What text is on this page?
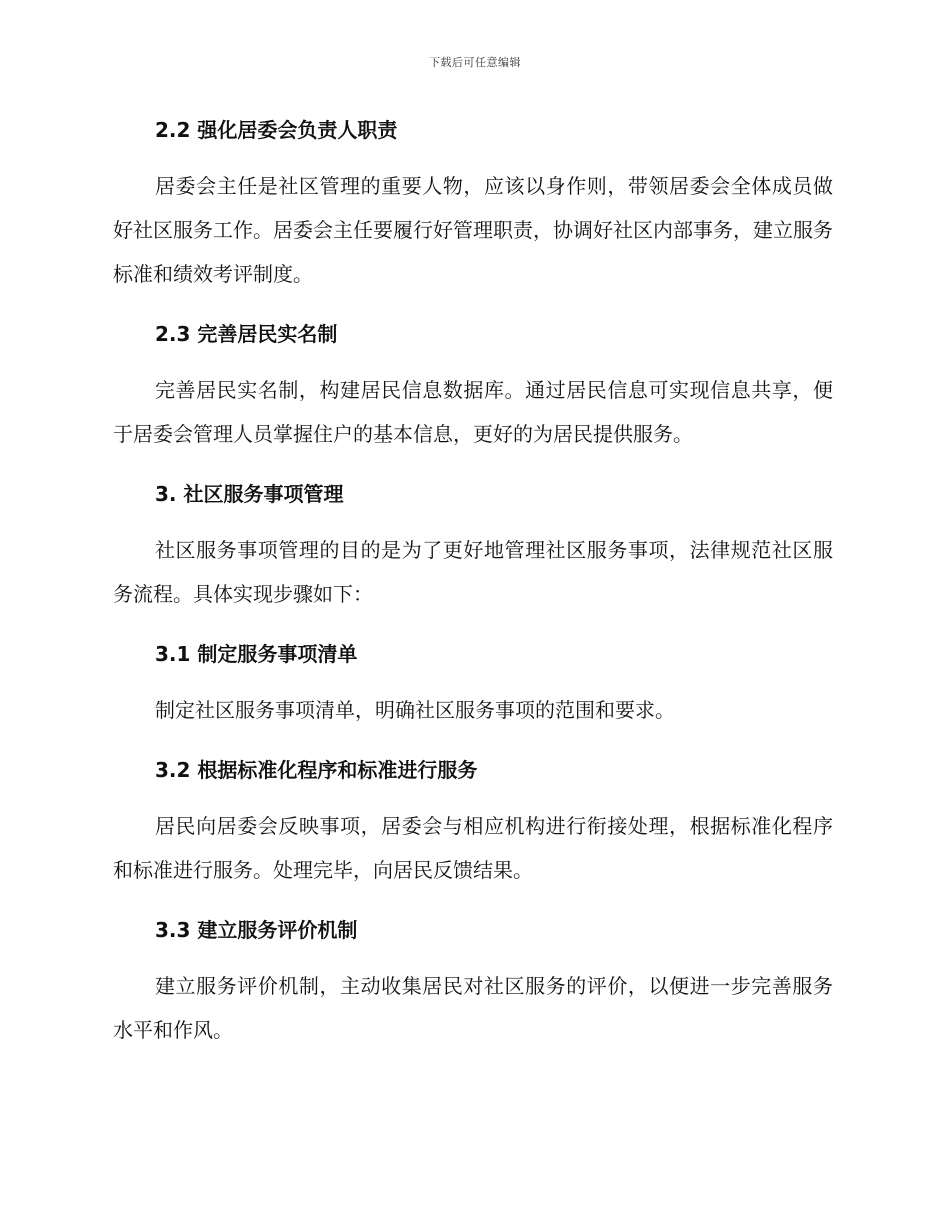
下载后可任意编辑
2.2 强化居委会负责人职责

居委会主任是社区管理的重要人物，应该以身作则，带领居委会全体成员做好社区服务工作。居委会主任要履行好管理职责，协调好社区内部事务，建立服务标准和绩效考评制度。

2.3 完善居民实名制

完善居民实名制，构建居民信息数据库。通过居民信息可实现信息共享，便于居委会管理人员掌握住户的基本信息，更好的为居民提供服务。

3. 社区服务事项管理

社区服务事项管理的目的是为了更好地管理社区服务事项，法律规范社区服务流程。具体实现步骤如下：

3.1 制定服务事项清单

制定社区服务事项清单，明确社区服务事项的范围和要求。

3.2 根据标准化程序和标准进行服务

居民向居委会反映事项，居委会与相应机构进行衔接处理，根据标准化程序和标准进行服务。处理完毕，向居民反馈结果。

3.3 建立服务评价机制

建立服务评价机制，主动收集居民对社区服务的评价，以便进一步完善服务水平和作风。
